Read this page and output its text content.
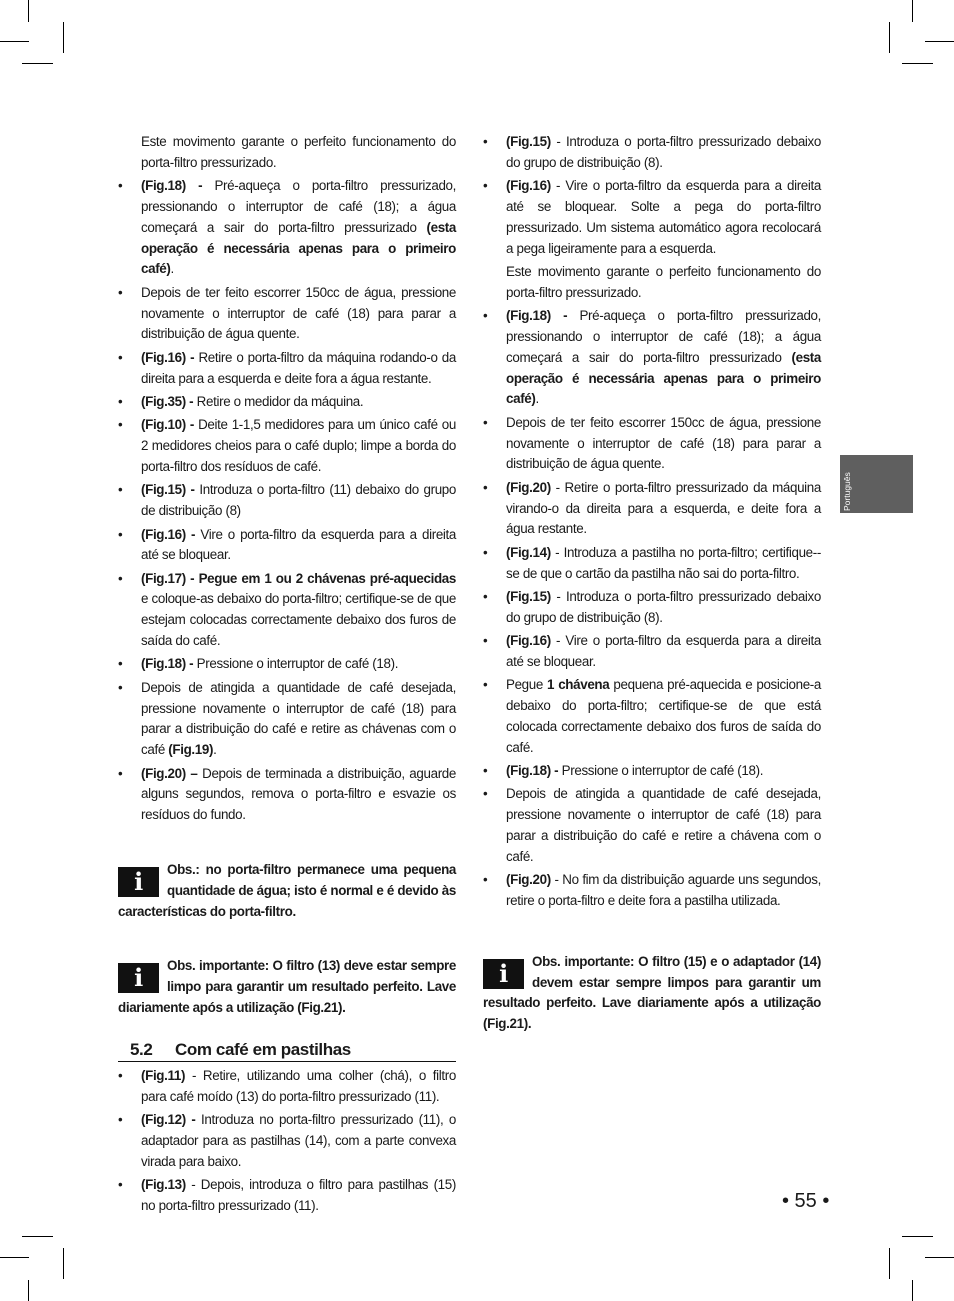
Este movimento garante o perfeito funcionamento do porta-filtro pressurizado.
• (Fig.18) - Pré-aqueça o porta-filtro pressurizado, pressionando o interruptor de café (18); a água começará a sair do porta-filtro pressurizado (esta operação é necessária apenas para o primeiro café).
• Depois de ter feito escorrer 150cc de água, pressione novamente o interruptor de café (18) para parar a distribuição de água quente.
• (Fig.16) - Retire o porta-filtro da máquina rodando-o da direita para a esquerda e deite fora a água restante.
• (Fig.35) - Retire o medidor da máquina.
• (Fig.10) - Deite 1-1,5 medidores para um único café ou 2 medidores cheios para o café duplo; limpe a borda do porta-filtro dos resíduos de café.
• (Fig.15) - Introduza o porta-filtro (11) debaixo do grupo de distribuição (8)
• (Fig.16) - Vire o porta-filtro da esquerda para a direita até se bloquear.
• (Fig.17) - Pegue em 1 ou 2 chávenas pré-aquecidas e coloque-as debaixo do porta-filtro; certifique-se de que estejam colocadas correctamente debaixo dos furos de saída do café.
• (Fig.18) - Pressione o interruptor de café (18).
• Depois de atingida a quantidade de café desejada, pressione novamente o interruptor de café (18) para parar a distribuição do café e retire as chávenas com o café (Fig.19).
• (Fig.20) – Depois de terminada a distribuição, aguarde alguns segundos, remova o porta-filtro e esvazie os resíduos do fundo.
i	Obs.: no porta-filtro permanece uma pequena quantidade de água; isto é normal e é devido às características do porta-filtro.
i	Obs. importante: O filtro (13) deve estar sempre limpo para garantir um resultado perfeito. Lave diariamente após a utilização (Fig.21).
5.2 Com café em pastilhas
• (Fig.11) - Retire, utilizando uma colher (chá), o filtro para café moído (13) do porta-filtro pressurizado (11).
• (Fig.12) - Introduza no porta-filtro pressurizado (11), o adaptador para as pastilhas (14), com a parte convexa virada para baixo.
• (Fig.13) - Depois, introduza o filtro para pastilhas (15) no porta-filtro pressurizado (11).
• (Fig.15) - Introduza o porta-filtro pressurizado debaixo do grupo de distribuição (8).
• (Fig.16) - Vire o porta-filtro da esquerda para a direita até se bloquear. Solte a pega do porta-filtro pressurizado. Um sistema automático agora recolocará a pega ligeiramente para a esquerda.
Este movimento garante o perfeito funcionamento do porta-filtro pressurizado.
• (Fig.18) - Pré-aqueça o porta-filtro pressurizado, pressionando o interruptor de café (18); a água começará a sair do porta-filtro pressurizado (esta operação é necessária apenas para o primeiro café).
• Depois de ter feito escorrer 150cc de água, pressione novamente o interruptor de café (18) para parar a distribuição de água quente.
• (Fig.20) - Retire o porta-filtro pressurizado da máquina virando-o da direita para a esquerda, e deite fora a água restante.
• (Fig.14) - Introduza a pastilha no porta-filtro; certifique--se de que o cartão da pastilha não sai do porta-filtro.
• (Fig.15) - Introduza o porta-filtro pressurizado debaixo do grupo de distribuição (8).
• (Fig.16) - Vire o porta-filtro da esquerda para a direita até se bloquear.
• Pegue 1 chávena pequena pré-aquecida e posicione-a debaixo do porta-filtro; certifique-se de que está colocada correctamente debaixo dos furos de saída do café.
• (Fig.18) - Pressione o interruptor de café (18).
• Depois de atingida a quantidade de café desejada, pressione novamente o interruptor de café (18) para parar a distribuição do café e retire a chávena com o café.
• (Fig.20) - No fim da distribuição aguarde uns segundos, retire o porta-filtro e deite fora a pastilha utilizada.
i	Obs. importante: O filtro (15) e o adaptador (14) devem estar sempre limpos para garantir um resultado perfeito. Lave diariamente após a utilização (Fig.21).
Português
• 55 •
